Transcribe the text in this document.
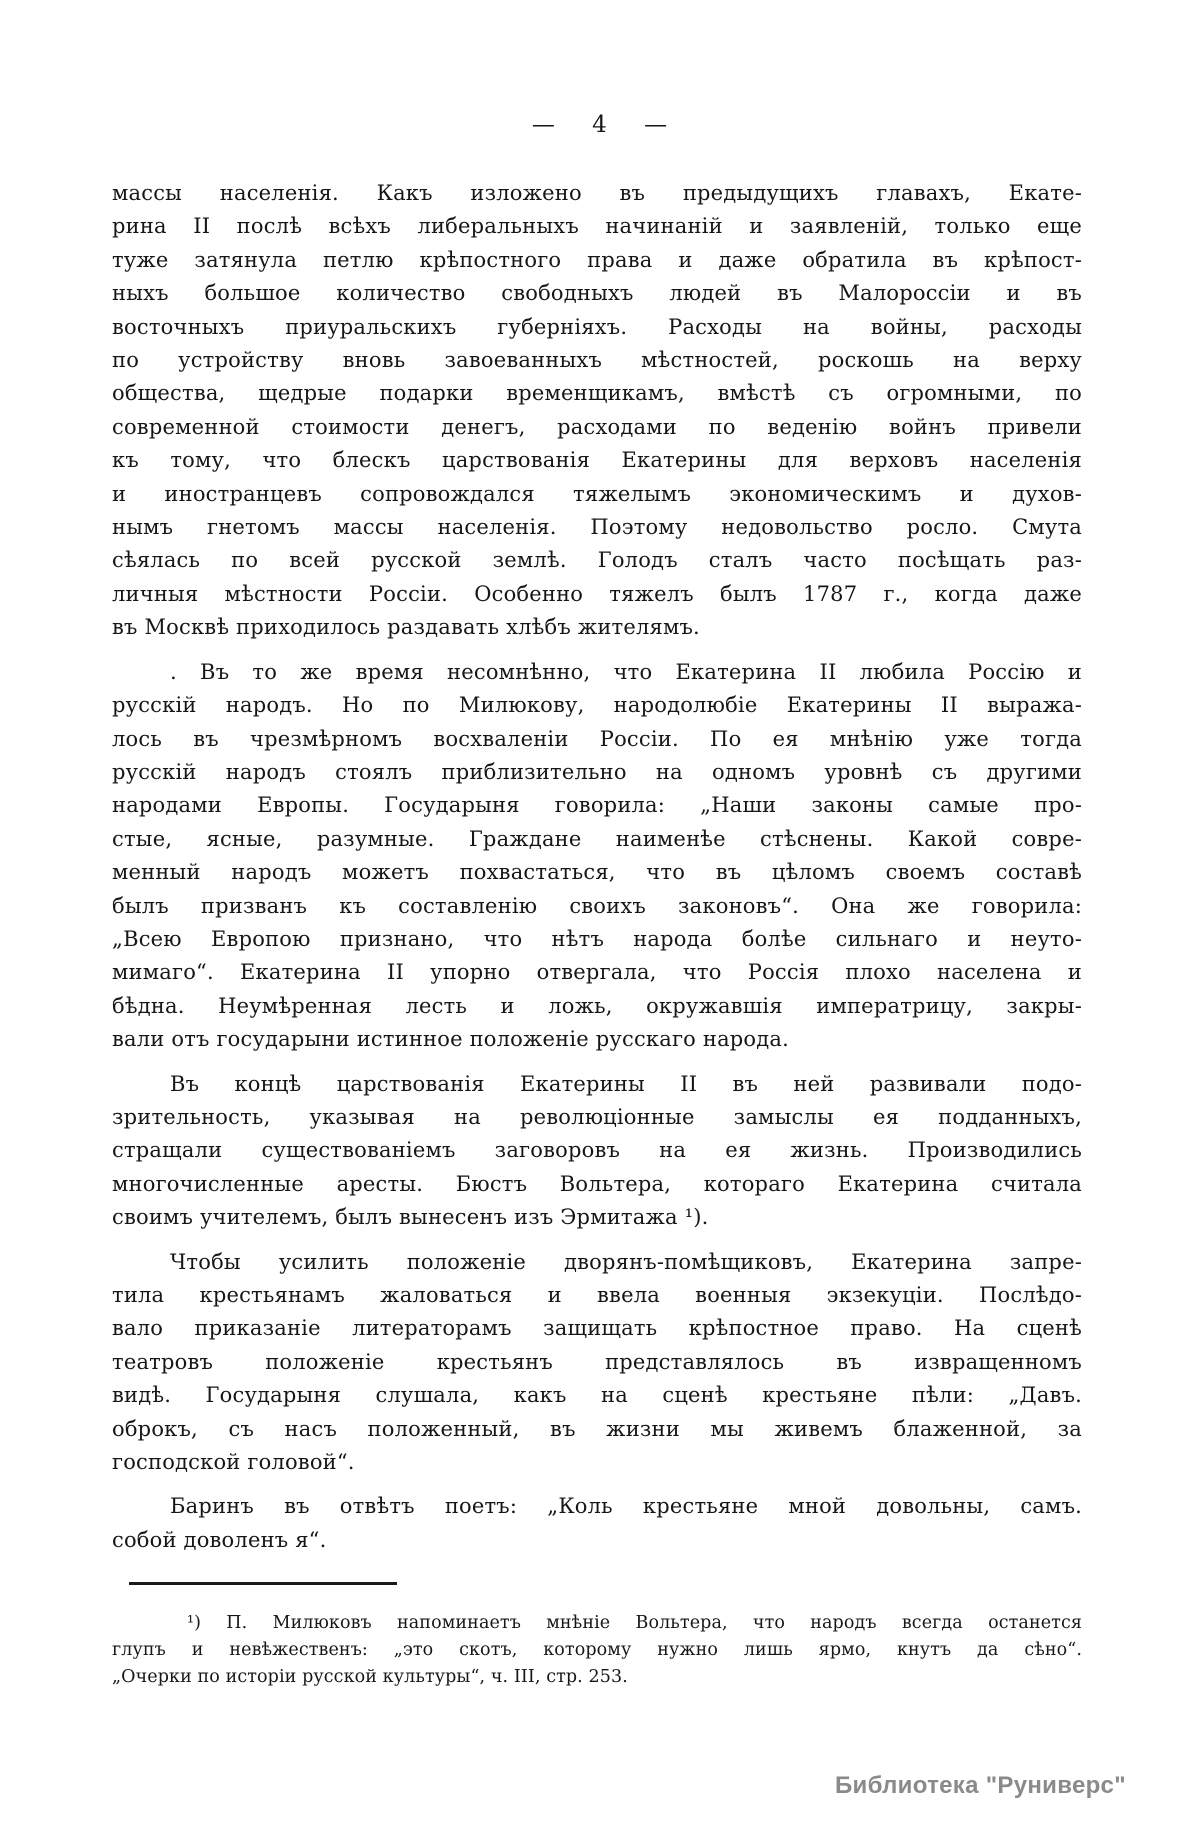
— 4 —
массы населенія. Какъ изложено въ предыдущихъ главахъ, Екате-
рина II послѣ всѣхъ либеральныхъ начинаній и заявленій, только еще
туже затянула петлю крѣпостного права и даже обратила въ крѣпост-
ныхъ большое количество свободныхъ людей въ Малороссіи и въ
восточныхъ приуральскихъ губерніяхъ. Расходы на войны, расходы
по устройству вновь завоеванныхъ мѣстностей, роскошь на верху
общества, щедрые подарки временщикамъ, вмѣстѣ съ огромными, по
современной стоимости денегъ, расходами по веденію войнъ привели
къ тому, что блескъ царствованія Екатерины для верховъ населенія
и иностранцевъ сопровождался тяжелымъ экономическимъ и духов-
нымъ гнетомъ массы населенія. Поэтому недовольство росло. Смута
сѣялась по всей русской землѣ. Голодъ сталъ часто посѣщать раз-
личныя мѣстности Россіи. Особенно тяжелъ былъ 1787 г., когда даже
въ Москвѣ приходилось раздавать хлѣбъ жителямъ.
. Въ то же время несомнѣнно, что Екатерина II любила Россію и
русскій народъ. Но по Милюкову, народолюбіе Екатерины II выража-
лось въ чрезмѣрномъ восхваленіи Россіи. По ея мнѣнію уже тогда
русскій народъ стоялъ приблизительно на одномъ уровнѣ съ другими
народами Европы. Государыня говорила: „Наши законы самые про-
стые, ясные, разумные. Граждане наименѣе стѣснены. Какой совре-
менный народъ можетъ похвастаться, что въ цѣломъ своемъ составѣ
былъ призванъ къ составленію своихъ законовъ“. Она же говорила:
„Всею Европою признано, что нѣтъ народа болѣе сильнаго и неуто-
мимаго“. Екатерина II упорно отвергала, что Россія плохо населена и
бѣдна. Неумѣренная лесть и ложь, окружавшія императрицу, закры-
вали отъ государыни истинное положеніе русскаго народа.
Въ концѣ царствованія Екатерины II въ ней развивали подо-
зрительность, указывая на революціонные замыслы ея подданныхъ,
стращали существованіемъ заговоровъ на ея жизнь. Производились
многочисленные аресты. Бюстъ Вольтера, котораго Екатерина считала
своимъ учителемъ, былъ вынесенъ изъ Эрмитажа ¹).
Чтобы усилить положеніе дворянъ-помѣщиковъ, Екатерина запре-
тила крестьянамъ жаловаться и ввела военныя экзекуціи. Послѣдо-
вало приказаніе литераторамъ защищать крѣпостное право. На сценѣ
театровъ положеніе крестьянъ представлялось въ извращенномъ
видѣ. Государыня слушала, какъ на сценѣ крестьяне пѣли: „Давъ.
оброкъ, съ насъ положенный, въ жизни мы живемъ блаженной, за
господской головой“.
Баринъ въ отвѣтъ поетъ: „Коль крестьяне мной довольны, самъ.
собой доволенъ я“.
¹) П. Милюковъ напоминаетъ мнѣніе Вольтера, что народъ всегда останется
глупъ и невѣжественъ: „это скотъ, которому нужно лишь ярмо, кнутъ да сѣно“.
„Очерки по исторіи русской культуры“, ч. III, стр. 253.
Библиотека "Руниверс"
